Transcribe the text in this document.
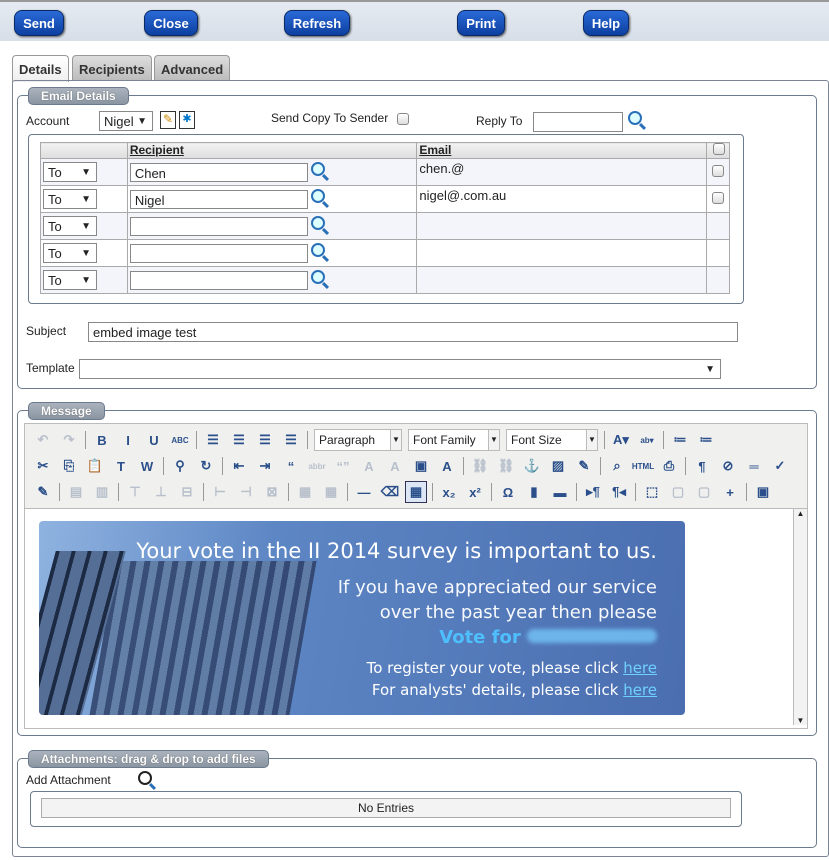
Send	Close	Refresh	Print	Help
Details	Recipients	Advanced
Email Details
Account	Nigel ▼ ✎ ✱	Send Copy To Sender	Reply To
	Recipient	Email	

To ▼	Chen	chen.@	

To ▼	Nigel	nigel@.com.au	

To ▼			

To ▼			

To ▼			

Subject	embed image test
Template	▼
Message
↶	↷	B	I	U	ABC	☰	☰	☰	☰	Paragraph ▼	Font Family ▼	Font Size	▼ A▾	ab▾	≔	≔
✂	⎘ 📋	T	W	⚲	↻	⇤	⇥	“	abbr “”	A	A	▣	A	⛓ ⛓ ⚓ ▨	✎	⌕	HTML ⎙	¶	⊘	═	✓
✎	▤	▥	⊤	⊥	⊟	⊢	⊣	⊠	▦	▦	— ⌫ ▦	x₂	x²	Ω	▮	▬	▸¶ ¶◂	⬚	▢	▢	+	▣
Your vote in the II 2014 survey is important to us.
If you have appreciated our service
over the past year then please
Vote for
To register your vote, please click here
For analysts' details, please click here
▲
▼
Attachments: drag & drop to add files
Add Attachment
No Entries
